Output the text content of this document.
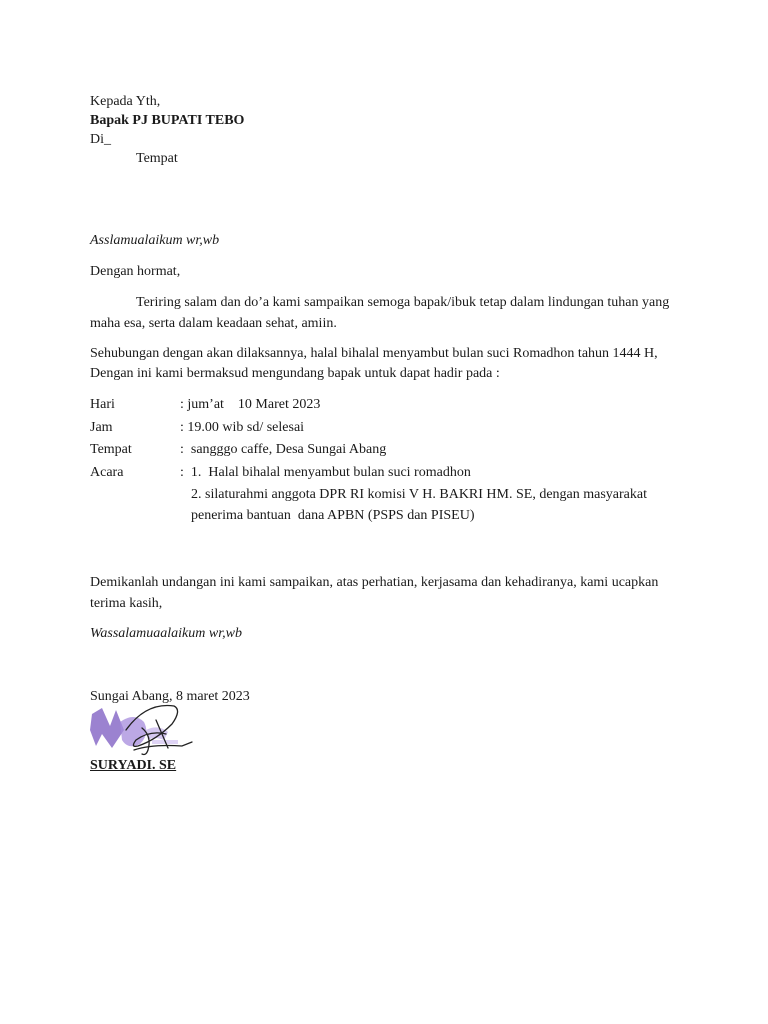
Kepada Yth,
Bapak PJ BUPATI TEBO
Di_
Tempat
Asslamualaikum wr,wb
Dengan hormat,
Teriring salam dan do’a kami sampaikan semoga bapak/ibuk tetap dalam lindungan tuhan yang maha esa, serta dalam keadaan sehat, amiin.
Sehubungan dengan akan dilaksannya, halal bihalal menyambut bulan suci Romadhon tahun 1444 H,
Dengan ini kami bermaksud mengundang bapak untuk dapat hadir pada :
Hari	: jum’at    10 Maret 2023
Jam	: 19.00 wib sd/ selesai
Tempat	:  sangggo caffe, Desa Sungai Abang
Acara	:  1.  Halal bihalal menyambut bulan suci romadhon
2. silaturahmi anggota DPR RI komisi V H. BAKRI HM. SE, dengan masyarakat
penerima bantuan  dana APBN (PSPS dan PISEU)
Demikanlah undangan ini kami sampaikan, atas perhatian, kerjasama dan kehadiranya, kami ucapkan terima kasih,
Wassalamuaalaikum wr,wb
Sungai Abang, 8 maret 2023
SURYADI. SE
